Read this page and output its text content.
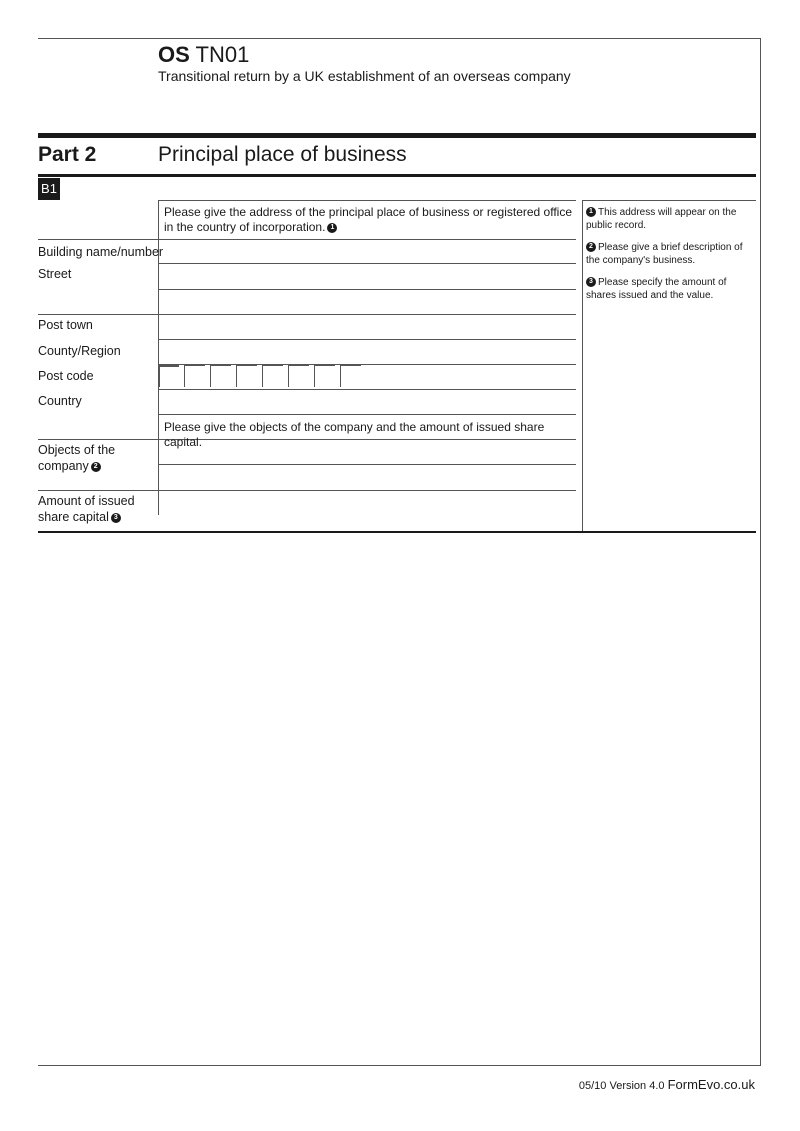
OS TN01
Transitional return by a UK establishment of an overseas company
Part 2	Principal place of business
B1
Please give the address of the principal place of business or registered office in the country of incorporation. 1
Building name/number
Street
Post town
County/Region
Post code
Country
Objects of the
company 2
Amount of issued
share capital 3
Please give the objects of the company and the amount of issued share capital.
1 This address will appear on the public record.
2 Please give a brief description of the company's business.
3 Please specify the amount of shares issued and the value.
05/10 Version 4.0 FormEvo.co.uk
